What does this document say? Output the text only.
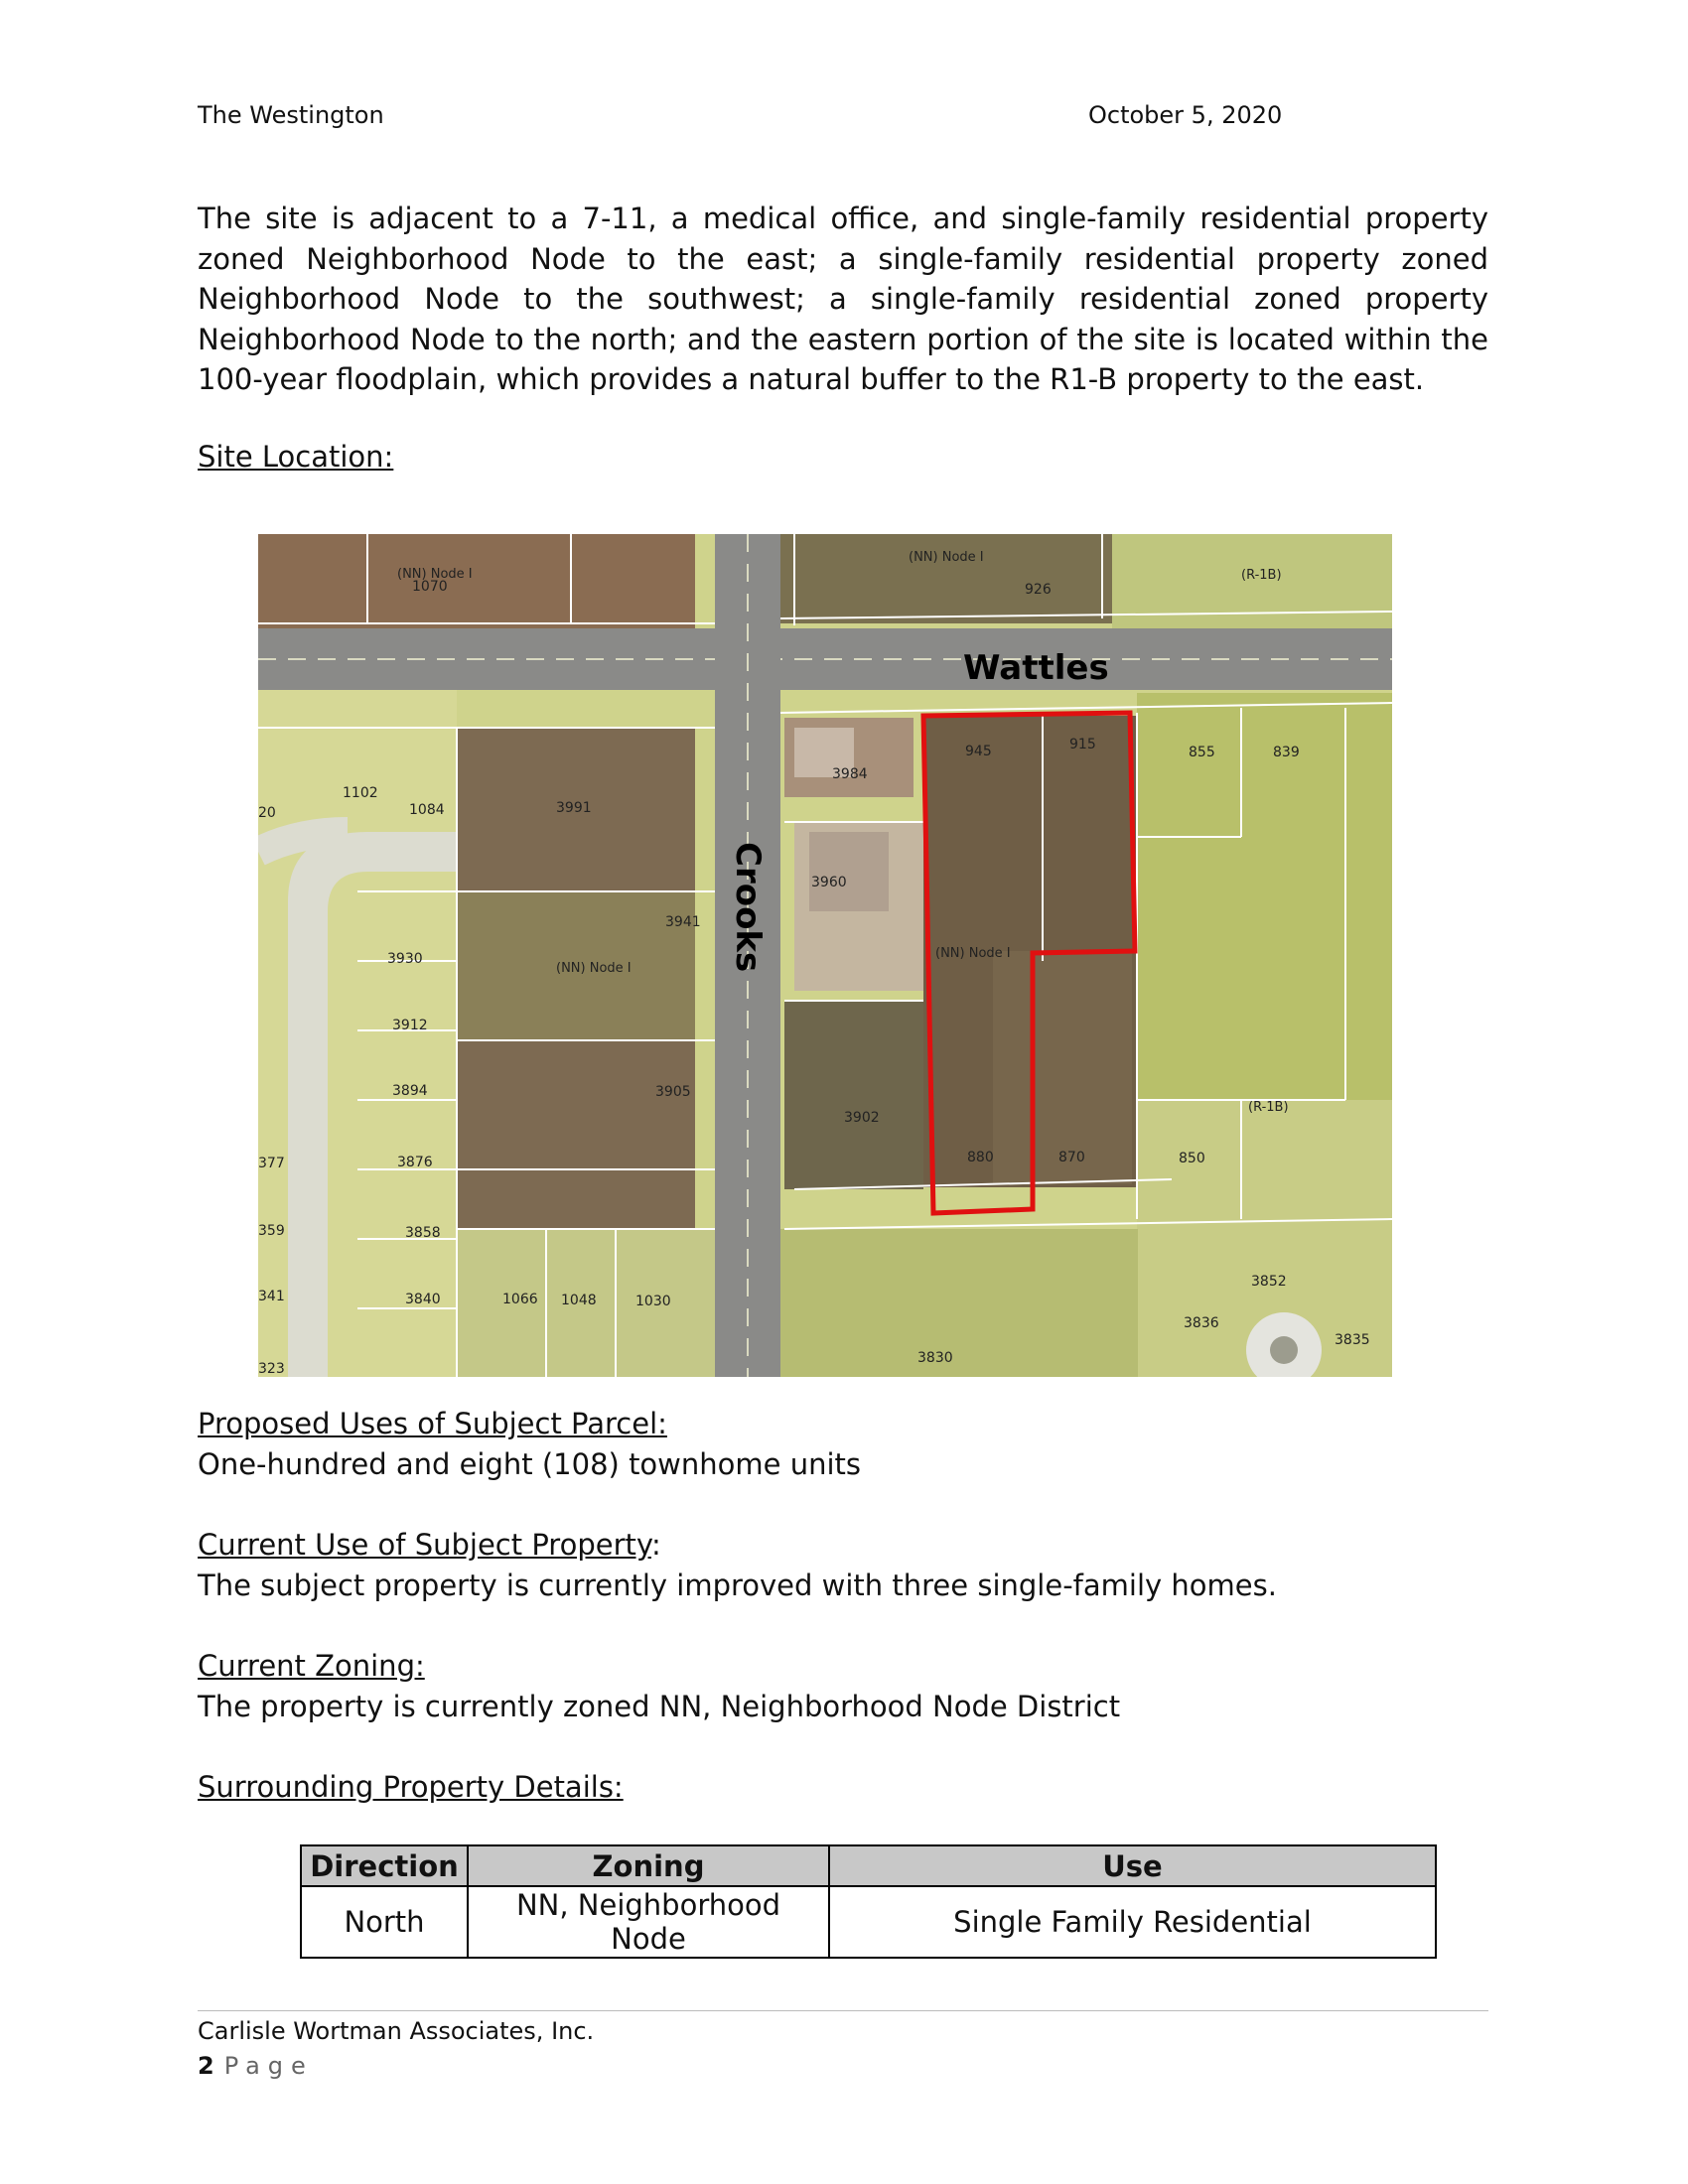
The Westington	October 5, 2020
The site is adjacent to a 7-11, a medical office, and single-family residential property zoned Neighborhood Node to the east; a single-family residential property zoned Neighborhood Node to the southwest; a single-family residential zoned property Neighborhood Node to the north; and the eastern portion of the site is located within the 100-year floodplain, which provides a natural buffer to the R1-B property to the east.
Site Location:
Wattles
Crooks
(NN) Node I
(NN) Node I
(NN) Node I
(NN) Node I
(R-1B)
(R-1B)
1070	926
945	915	855	839
3984
1102
1084	3991
3960
3941
3930
3912
3894	3905
3902
880	870	850
3876
3858
3840	1066 1048	1030
3852
3836
3835
3830
20
377
359
341
323
Proposed Uses of Subject Parcel:
One-hundred and eight (108) townhome units
Current Use of Subject Property:
The subject property is currently improved with three single-family homes.
Current Zoning:
The property is currently zoned NN, Neighborhood Node District
Surrounding Property Details:
Direction	Zoning	Use
North	NN, Neighborhood Node	Single Family Residential
Carlisle Wortman Associates, Inc.
2 Page
